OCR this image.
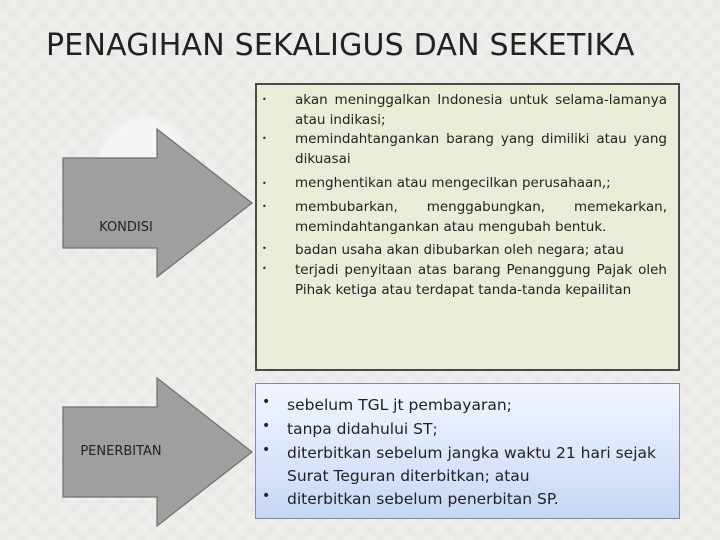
PENAGIHAN SEKALIGUS DAN SEKETIKA
KONDISI
PENERBITAN
• akan meninggalkan Indonesia untuk selama-lamanya atau indikasi;
• memindahtangankan barang yang dimiliki atau yang dikuasai
• menghentikan atau mengecilkan perusahaan,;
• membubarkan, menggabungkan, memekarkan, memindahtangankan atau mengubah bentuk.
• badan usaha akan dibubarkan oleh negara; atau
• terjadi penyitaan atas barang Penanggung Pajak oleh Pihak ketiga atau terdapat tanda-tanda kepailitan
• sebelum TGL jt pembayaran;
• tanpa didahului ST;
• diterbitkan sebelum jangka waktu 21 hari sejak Surat Teguran diterbitkan; atau
• diterbitkan sebelum penerbitan SP.
